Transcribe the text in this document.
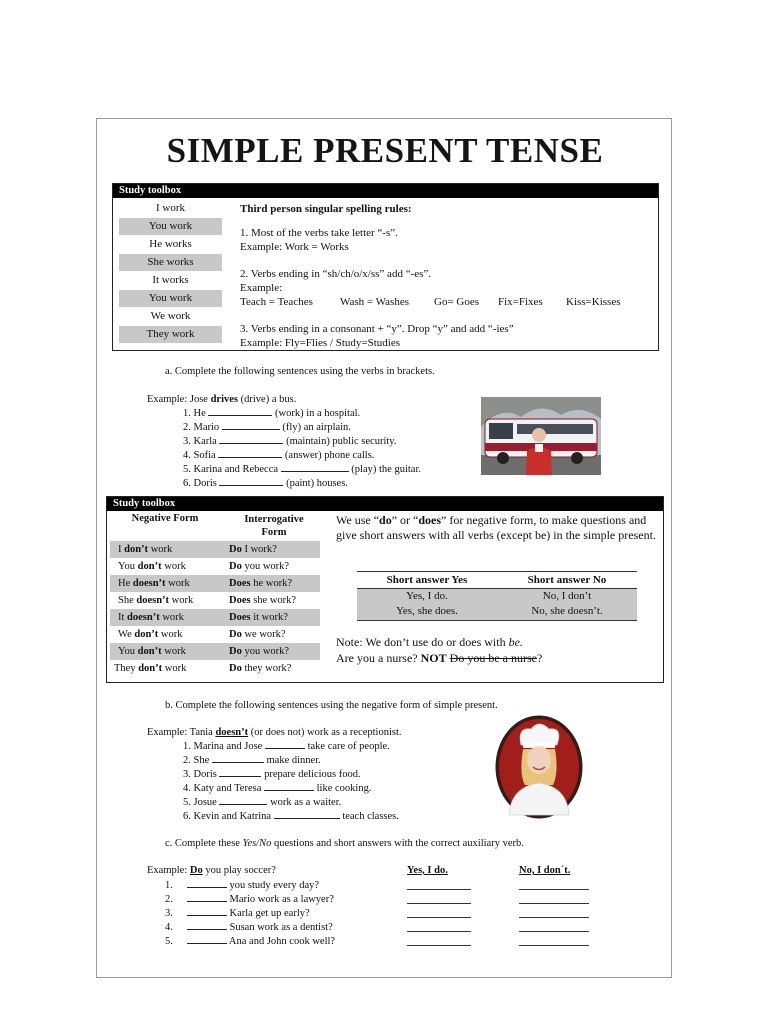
SIMPLE PRESENT TENSE
Study toolbox
I work
You work
He works
She works
It works
You work
We work
They work
Third person singular spelling rules:
1. Most of the verbs take letter “-s”.
Example: Work = Works
2. Verbs ending in “sh/ch/o/x/ss” add “-es”.
Example:
Teach = Teaches Wash = Washes Go= Goes Fix=Fixes Kiss=Kisses
3. Verbs ending in a consonant + “y”. Drop “y” and add “-ies”
Example: Fly=Flies / Study=Studies
a. Complete the following sentences using the verbs in brackets.
Example: Jose drives (drive) a bus.
1. He	(work) in a hospital.
2. Mario	(fly) an airplain.
3. Karla	(maintain) public security.
4. Sofia	(answer) phone calls.
5. Karina and Rebecca	(play) the guitar.
6. Doris	(paint) houses.
Study toolbox
Negative Form	Interrogative
Form
I don’t work	Do I work?
You don’t work	Do you work?
He doesn’t work	Does he work?
She doesn’t work	Does she work?
It doesn’t work	Does it work?
We don’t work	Do we work?
You don’t work	Do you work?
They don’t work	Do they work?
We use “do” or “does” for negative form, to make questions and give short answers with all verbs (except be) in the simple present.
Short answer Yes	Short answer No
Yes, I do.	No, I don’t
Yes, she does.	No, she doesn’t.
Note: We don’t use do or does with be.
Are you a nurse? NOT Do you be a nurse?
b. Complete the following sentences using the negative form of simple present.
Example: Tania doesn’t (or does not) work as a receptionist.
1. Marina and Jose	take care of people.
2. She	make dinner.
3. Doris	prepare delicious food.
4. Katy and Teresa	like cooking.
5. Josue	work as a waiter.
6. Kevin and Katrina	teach classes.
c. Complete these Yes/No questions and short answers with the correct auxiliary verb.
Example: Do you play soccer?	Yes, I do.	No, I don´t.
1.	you study every day?
2.	Mario work as a lawyer?
3.	Karla get up early?
4.	Susan work as a dentist?
5.	Ana and John cook well?
